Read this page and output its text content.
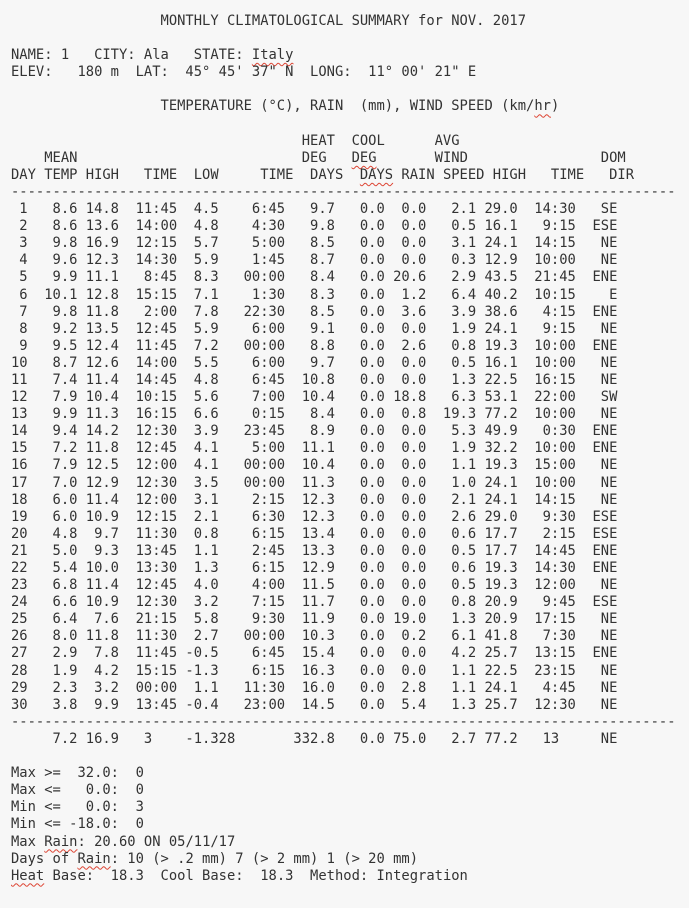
MONTHLY CLIMATOLOGICAL SUMMARY for NOV. 2017
NAME: 1   CITY: Ala   STATE: Italy
ELEV:   180 m  LAT:  45° 45' 37" N  LONG:  11° 00' 21" E
TEMPERATURE (°C), RAIN  (mm), WIND SPEED (km/hr)
HEAT  COOL      AVG
MEAN                           DEG   DEG       WIND                DOM
DAY TEMP HIGH   TIME  LOW     TIME  DAYS  DAYS RAIN SPEED HIGH   TIME   DIR
--------------------------------------------------------------------------------
1   8.6 14.8  11:45  4.5    6:45   9.7   0.0  0.0   2.1 29.0  14:30   SE
2   8.6 13.6  14:00  4.8    4:30   9.8   0.0  0.0   0.5 16.1   9:15  ESE
3   9.8 16.9  12:15  5.7    5:00   8.5   0.0  0.0   3.1 24.1  14:15   NE
4   9.6 12.3  14:30  5.9    1:45   8.7   0.0  0.0   0.3 12.9  10:00   NE
5   9.9 11.1   8:45  8.3   00:00   8.4   0.0 20.6   2.9 43.5  21:45  ENE
6  10.1 12.8  15:15  7.1    1:30   8.3   0.0  1.2   6.4 40.2  10:15    E
7   9.8 11.8   2:00  7.8   22:30   8.5   0.0  3.6   3.9 38.6   4:15  ENE
8   9.2 13.5  12:45  5.9    6:00   9.1   0.0  0.0   1.9 24.1   9:15   NE
9   9.5 12.4  11:45  7.2   00:00   8.8   0.0  2.6   0.8 19.3  10:00  ENE
10   8.7 12.6  14:00  5.5    6:00   9.7   0.0  0.0   0.5 16.1  10:00   NE
11   7.4 11.4  14:45  4.8    6:45  10.8   0.0  0.0   1.3 22.5  16:15   NE
12   7.9 10.4  10:15  5.6    7:00  10.4   0.0 18.8   6.3 53.1  22:00   SW
13   9.9 11.3  16:15  6.6    0:15   8.4   0.0  0.8  19.3 77.2  10:00   NE
14   9.4 14.2  12:30  3.9   23:45   8.9   0.0  0.0   5.3 49.9   0:30  ENE
15   7.2 11.8  12:45  4.1    5:00  11.1   0.0  0.0   1.9 32.2  10:00  ENE
16   7.9 12.5  12:00  4.1   00:00  10.4   0.0  0.0   1.1 19.3  15:00   NE
17   7.0 12.9  12:30  3.5   00:00  11.3   0.0  0.0   1.0 24.1  10:00   NE
18   6.0 11.4  12:00  3.1    2:15  12.3   0.0  0.0   2.1 24.1  14:15   NE
19   6.0 10.9  12:15  2.1    6:30  12.3   0.0  0.0   2.6 29.0   9:30  ESE
20   4.8  9.7  11:30  0.8    6:15  13.4   0.0  0.0   0.6 17.7   2:15  ESE
21   5.0  9.3  13:45  1.1    2:45  13.3   0.0  0.0   0.5 17.7  14:45  ENE
22   5.4 10.0  13:30  1.3    6:15  12.9   0.0  0.0   0.6 19.3  14:30  ENE
23   6.8 11.4  12:45  4.0    4:00  11.5   0.0  0.0   0.5 19.3  12:00   NE
24   6.6 10.9  12:30  3.2    7:15  11.7   0.0  0.0   0.8 20.9   9:45  ESE
25   6.4  7.6  21:15  5.8    9:30  11.9   0.0 19.0   1.3 20.9  17:15   NE
26   8.0 11.8  11:30  2.7   00:00  10.3   0.0  0.2   6.1 41.8   7:30   NE
27   2.9  7.8  11:45 -0.5    6:45  15.4   0.0  0.0   4.2 25.7  13:15  ENE
28   1.9  4.2  15:15 -1.3    6:15  16.3   0.0  0.0   1.1 22.5  23:15   NE
29   2.3  3.2  00:00  1.1   11:30  16.0   0.0  2.8   1.1 24.1   4:45   NE
30   3.8  9.9  13:45 -0.4   23:00  14.5   0.0  5.4   1.3 25.7  12:30   NE
--------------------------------------------------------------------------------
7.2 16.9   3    -1.328       332.8   0.0 75.0   2.7 77.2   13     NE
Max >=  32.0:  0
Max <=   0.0:  0
Min <=   0.0:  3
Min <= -18.0:  0
Max Rain: 20.60 ON 05/11/17
Days of Rain: 10 (> .2 mm) 7 (> 2 mm) 1 (> 20 mm)
Heat Base:  18.3  Cool Base:  18.3  Method: Integration
